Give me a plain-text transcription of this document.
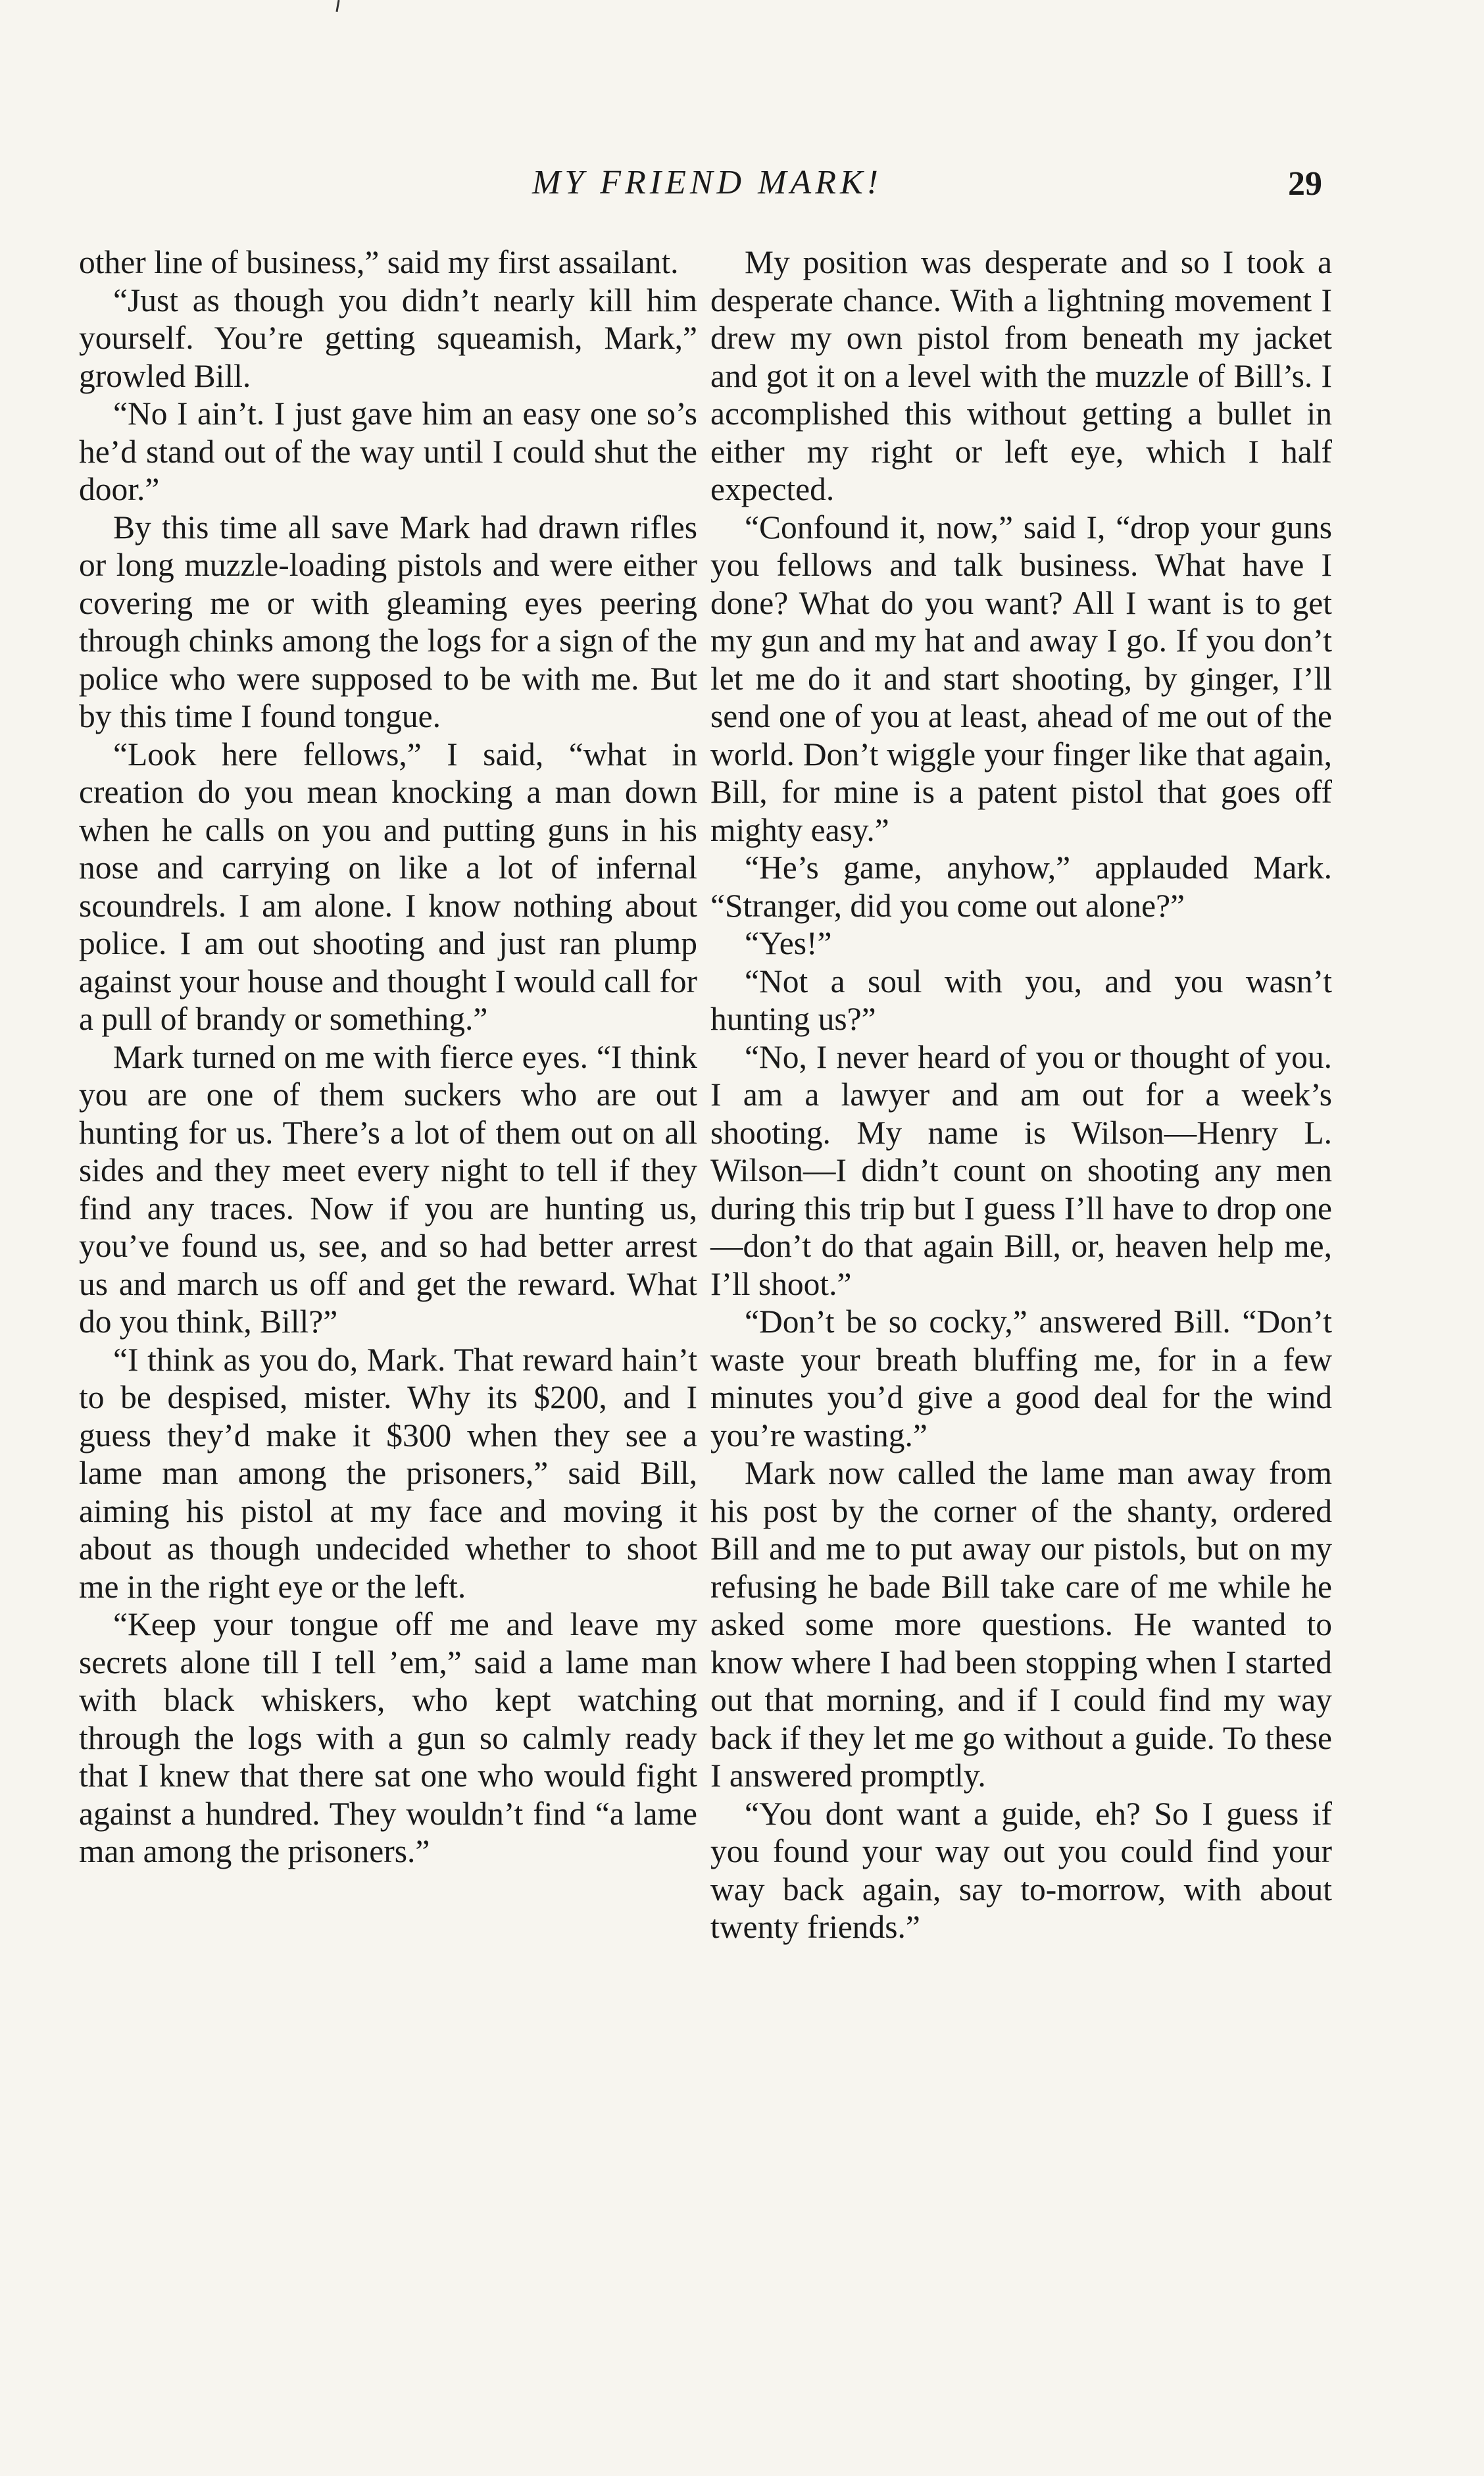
MY FRIEND MARK!	29

other line of business,” said my first assailant.

“Just as though you didn’t nearly kill him yourself. You’re getting squeamish, Mark,” growled Bill.

“No I ain’t. I just gave him an easy one so’s he’d stand out of the way until I could shut the door.”

By this time all save Mark had drawn rifles or long muzzle-loading pistols and were either covering me or with gleaming eyes peering through chinks among the logs for a sign of the police who were supposed to be with me. But by this time I found tongue.

“Look here fellows,” I said, “what in creation do you mean knocking a man down when he calls on you and putting guns in his nose and carrying on like a lot of infernal scoundrels. I am alone. I know nothing about police. I am out shooting and just ran plump against your house and thought I would call for a pull of brandy or something.”

Mark turned on me with fierce eyes. “I think you are one of them suckers who are out hunting for us. There’s a lot of them out on all sides and they meet every night to tell if they find any traces. Now if you are hunting us, you’ve found us, see, and so had better arrest us and march us off and get the reward. What do you think, Bill?”

“I think as you do, Mark. That reward hain’t to be despised, mister. Why its $200, and I guess they’d make it $300 when they see a lame man among the prisoners,” said Bill, aiming his pistol at my face and moving it about as though undecided whether to shoot me in the right eye or the left.

“Keep your tongue off me and leave my secrets alone till I tell ’em,” said a lame man with black whiskers, who kept watching through the logs with a gun so calmly ready that I knew that there sat one who would fight against a hundred. They wouldn’t find “a lame man among the prisoners.”

My position was desperate and so I took a desperate chance. With a lightning movement I drew my own pistol from beneath my jacket and got it on a level with the muzzle of Bill’s. I accomplished this without getting a bullet in either my right or left eye, which I half expected.

“Confound it, now,” said I, “drop your guns you fellows and talk business. What have I done? What do you want? All I want is to get my gun and my hat and away I go. If you don’t let me do it and start shooting, by ginger, I’ll send one of you at least, ahead of me out of the world. Don’t wiggle your finger like that again, Bill, for mine is a patent pistol that goes off mighty easy.”

“He’s game, anyhow,” applauded Mark. “Stranger, did you come out alone?”

“Yes!”

“Not a soul with you, and you wasn’t hunting us?”

“No, I never heard of you or thought of you. I am a lawyer and am out for a week’s shooting. My name is Wilson—Henry L. Wilson—I didn’t count on shooting any men during this trip but I guess I’ll have to drop one—don’t do that again Bill, or, heaven help me, I’ll shoot.”

“Don’t be so cocky,” answered Bill. “Don’t waste your breath bluffing me, for in a few minutes you’d give a good deal for the wind you’re wasting.”

Mark now called the lame man away from his post by the corner of the shanty, ordered Bill and me to put away our pistols, but on my refusing he bade Bill take care of me while he asked some more questions. He wanted to know where I had been stopping when I started out that morning, and if I could find my way back if they let me go without a guide. To these I answered promptly.

“You dont want a guide, eh? So I guess if you found your way out you could find your way back again, say to-morrow, with about twenty friends.”
